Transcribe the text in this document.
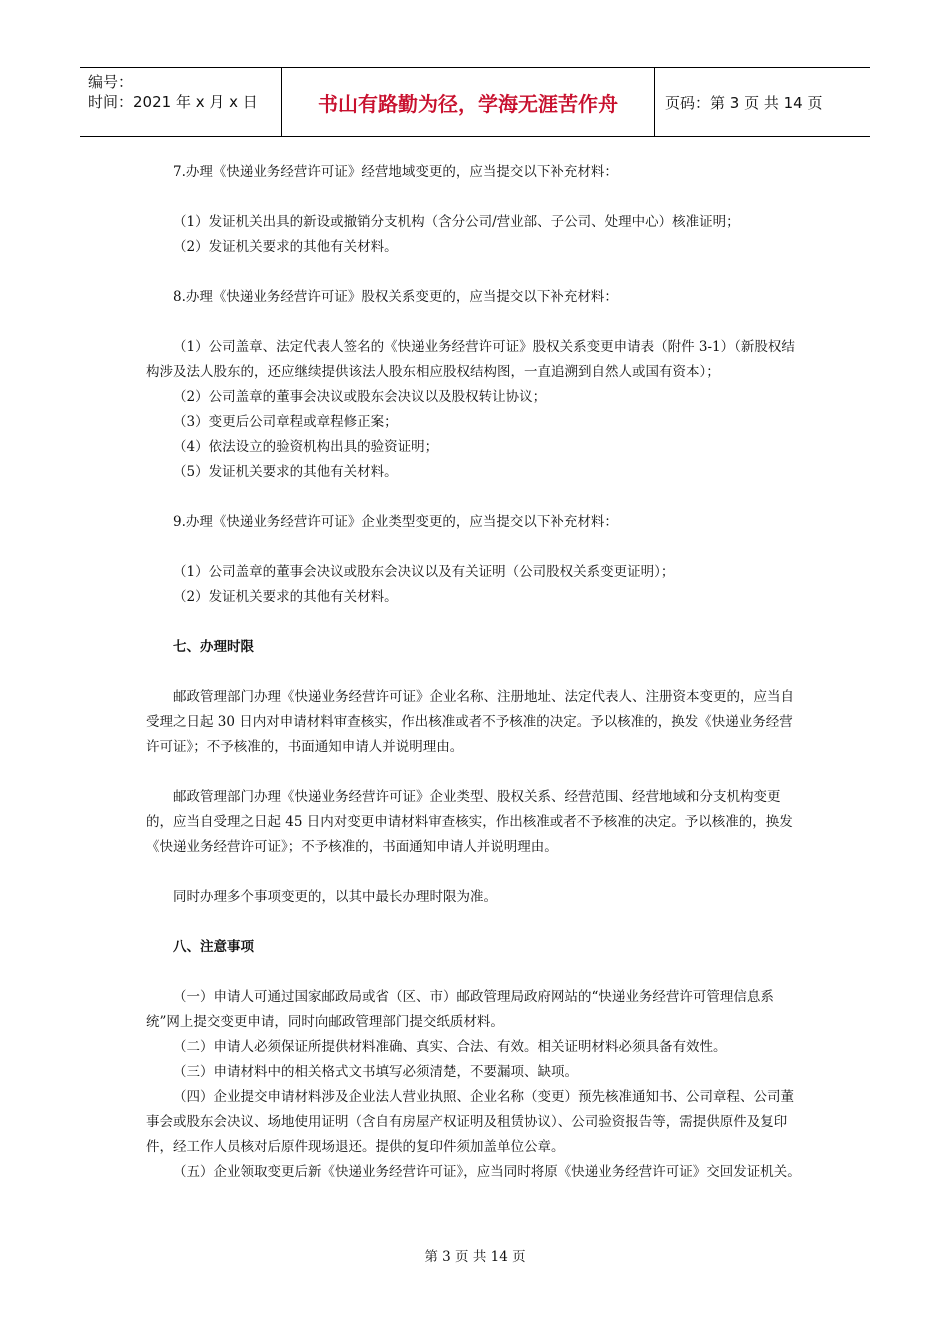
编号：
时间：2021 年 x 月 x 日	书山有路勤为径，学海无涯苦作舟	页码：第 3 页 共 14 页

7.办理《快递业务经营许可证》经营地域变更的，应当提交以下补充材料：

（1）发证机关出具的新设或撤销分支机构（含分公司/营业部、子公司、处理中心）核准证明；

（2）发证机关要求的其他有关材料。

8.办理《快递业务经营许可证》股权关系变更的，应当提交以下补充材料：

（1）公司盖章、法定代表人签名的《快递业务经营许可证》股权关系变更申请表（附件 3-1）（新股权结构涉及法人股东的，还应继续提供该法人股东相应股权结构图，一直追溯到自然人或国有资本）；

（2）公司盖章的董事会决议或股东会决议以及股权转让协议；

（3）变更后公司章程或章程修正案；

（4）依法设立的验资机构出具的验资证明；

（5）发证机关要求的其他有关材料。

9.办理《快递业务经营许可证》企业类型变更的，应当提交以下补充材料：

（1）公司盖章的董事会决议或股东会决议以及有关证明（公司股权关系变更证明）；

（2）发证机关要求的其他有关材料。

七、办理时限

邮政管理部门办理《快递业务经营许可证》企业名称、注册地址、法定代表人、注册资本变更的，应当自受理之日起 30 日内对申请材料审查核实，作出核准或者不予核准的决定。予以核准的，换发《快递业务经营许可证》；不予核准的，书面通知申请人并说明理由。

邮政管理部门办理《快递业务经营许可证》企业类型、股权关系、经营范围、经营地域和分支机构变更的，应当自受理之日起 45 日内对变更申请材料审查核实，作出核准或者不予核准的决定。予以核准的，换发《快递业务经营许可证》；不予核准的，书面通知申请人并说明理由。

同时办理多个事项变更的，以其中最长办理时限为准。

八、注意事项

（一）申请人可通过国家邮政局或省（区、市）邮政管理局政府网站的“快递业务经营许可管理信息系统”网上提交变更申请，同时向邮政管理部门提交纸质材料。

（二）申请人必须保证所提供材料准确、真实、合法、有效。相关证明材料必须具备有效性。

（三）申请材料中的相关格式文书填写必须清楚，不要漏项、缺项。

（四）企业提交申请材料涉及企业法人营业执照、企业名称（变更）预先核准通知书、公司章程、公司董事会或股东会决议、场地使用证明（含自有房屋产权证明及租赁协议）、公司验资报告等，需提供原件及复印件，经工作人员核对后原件现场退还。提供的复印件须加盖单位公章。

（五）企业领取变更后新《快递业务经营许可证》，应当同时将原《快递业务经营许可证》交回发证机关。

第 3 页 共 14 页
